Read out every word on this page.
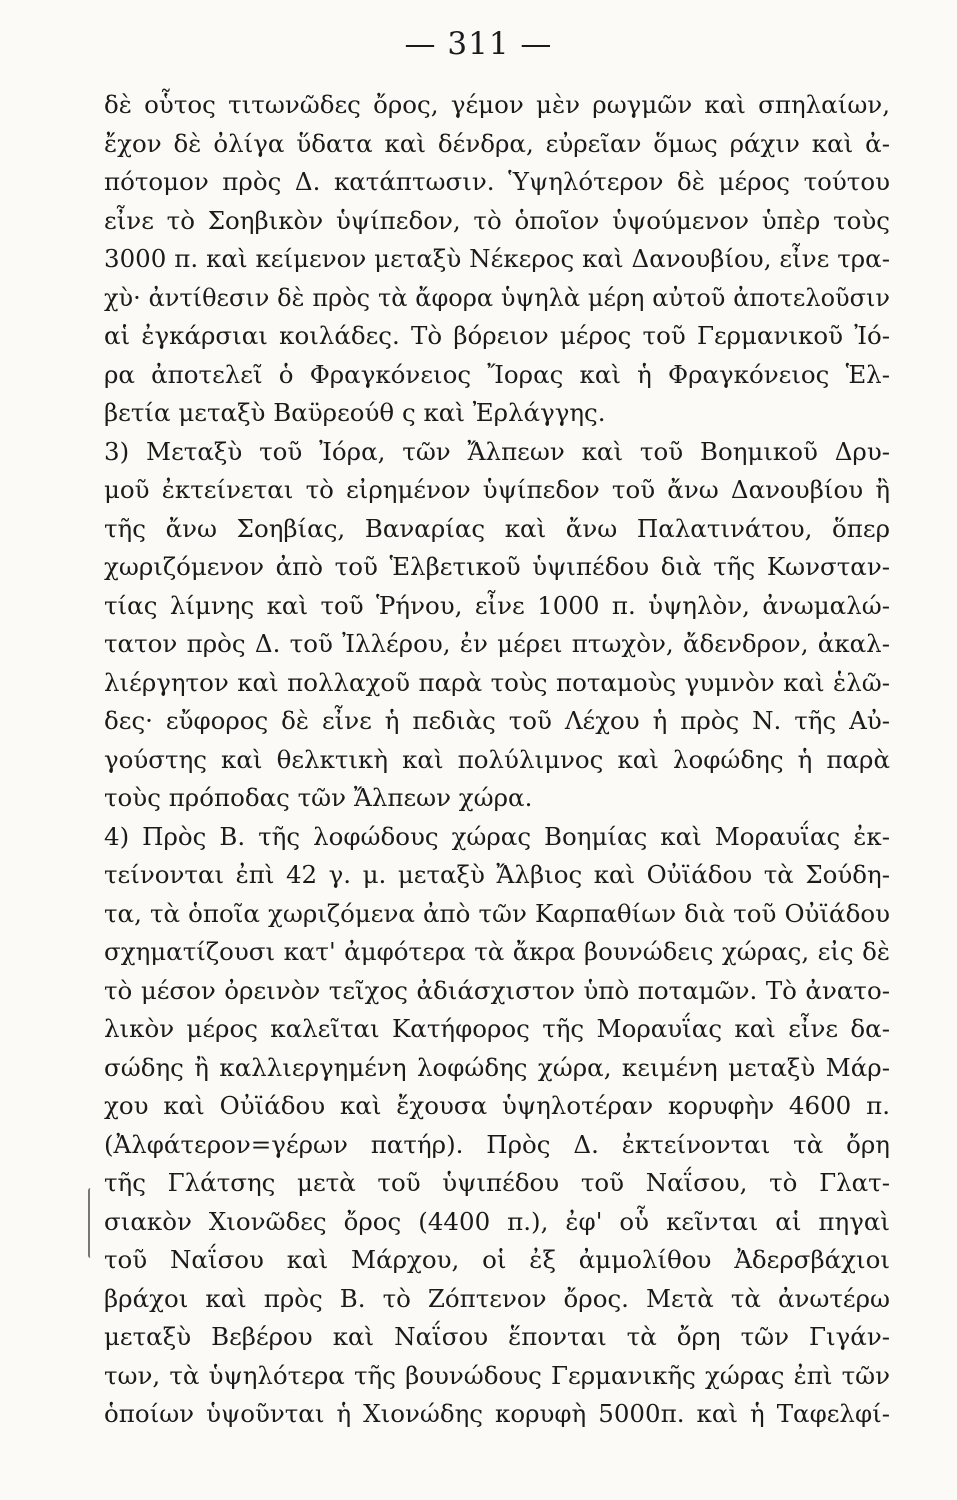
— 311 —
δὲ οὗτος τιτωνῶδες ὄρος, γέμον μὲν ρωγμῶν καὶ σπηλαίων,
ἔχον δὲ ὀλίγα ὕδατα καὶ δένδρα, εὐρεῖαν ὅμως ράχιν καὶ ἀ-
πότομον πρὸς Δ. κατάπτωσιν. Ὑψηλότερον δὲ μέρος τούτου
εἶνε τὸ Σοηβικὸν ὑψίπεδον, τὸ ὁποῖον ὑψούμενον ὑπὲρ τοὺς
3000 π. καὶ κείμενον μεταξὺ Νέκερος καὶ Δανουβίου, εἶνε τρα-
χὺ· ἀντίθεσιν δὲ πρὸς τὰ ἄφορα ὑψηλὰ μέρη αὐτοῦ ἀποτελοῦσιν
αἱ ἐγκάρσιαι κοιλάδες. Τὸ βόρειον μέρος τοῦ Γερμανικοῦ Ἰό-
ρα ἀποτελεῖ ὁ Φραγκόνειος Ἴορας καὶ ἡ Φραγκόνειος Ἑλ-
βετία μεταξὺ Βαϋρεούθ ς καὶ Ἐρλάγγης.
3) Μεταξὺ τοῦ Ἰόρα, τῶν Ἄλπεων καὶ τοῦ Βοημικοῦ Δρυ-
μοῦ ἐκτείνεται τὸ εἰρημένον ὑψίπεδον τοῦ ἄνω Δανουβίου ἢ
τῆς ἄνω Σοηβίας, Βαναρίας καὶ ἄνω Παλατινάτου, ὅπερ
χωριζόμενον ἀπὸ τοῦ Ἑλβετικοῦ ὑψιπέδου διὰ τῆς Κωνσταν-
τίας λίμνης καὶ τοῦ Ῥήνου, εἶνε 1000 π. ὑψηλὸν, ἀνωμαλώ-
τατον πρὸς Δ. τοῦ Ἰλλέρου, ἐν μέρει πτωχὸν, ἄδενδρον, ἀκαλ-
λιέργητον καὶ πολλαχοῦ παρὰ τοὺς ποταμοὺς γυμνὸν καὶ ἑλῶ-
δες· εὔφορος δὲ εἶνε ἡ πεδιὰς τοῦ Λέχου ἡ πρὸς Ν. τῆς Αὐ-
γούστης καὶ θελκτικὴ καὶ πολύλιμνος καὶ λοφώδης ἡ παρὰ
τοὺς πρόποδας τῶν Ἄλπεων χώρα.
4) Πρὸς Β. τῆς λοφώδους χώρας Βοημίας καὶ Μοραυΐας ἐκ-
τείνονται ἐπὶ 42 γ. μ. μεταξὺ Ἄλβιος καὶ Οὐϊάδου τὰ Σούδη-
τα, τὰ ὁποῖα χωριζόμενα ἀπὸ τῶν Καρπαθίων διὰ τοῦ Οὐϊάδου
σχηματίζουσι κατ' ἀμφότερα τὰ ἄκρα βουνώδεις χώρας, εἰς δὲ
τὸ μέσον ὀρεινὸν τεῖχος ἀδιάσχιστον ὑπὸ ποταμῶν. Τὸ ἀνατο-
λικὸν μέρος καλεῖται Κατήφορος τῆς Μοραυΐας καὶ εἶνε δα-
σώδης ἢ καλλιεργημένη λοφώδης χώρα, κειμένη μεταξὺ Μάρ-
χου καὶ Οὐϊάδου καὶ ἔχουσα ὑψηλοτέραν κορυφὴν 4600 π.
(Ἀλφάτερον=γέρων πατήρ). Πρὸς Δ. ἐκτείνονται τὰ ὄρη
τῆς Γλάτσης μετὰ τοῦ ὑψιπέδου τοῦ Ναΐσου, τὸ Γλατ-
σιακὸν Χιονῶδες ὄρος (4400 π.), ἐφ' οὗ κεῖνται αἱ πηγαὶ
τοῦ Ναΐσου καὶ Μάρχου, οἱ ἐξ ἀμμολίθου Ἀδερσβάχιοι
βράχοι καὶ πρὸς Β. τὸ Ζόπτενον ὄρος. Μετὰ τὰ ἀνωτέρω
μεταξὺ Βεβέρου καὶ Ναΐσου ἕπονται τὰ ὄρη τῶν Γιγάν-
των, τὰ ὑψηλότερα τῆς βουνώδους Γερμανικῆς χώρας ἐπὶ τῶν
ὁποίων ὑψοῦνται ἡ Χιονώδης κορυφὴ 5000π. καὶ ἡ Ταφελφί-
